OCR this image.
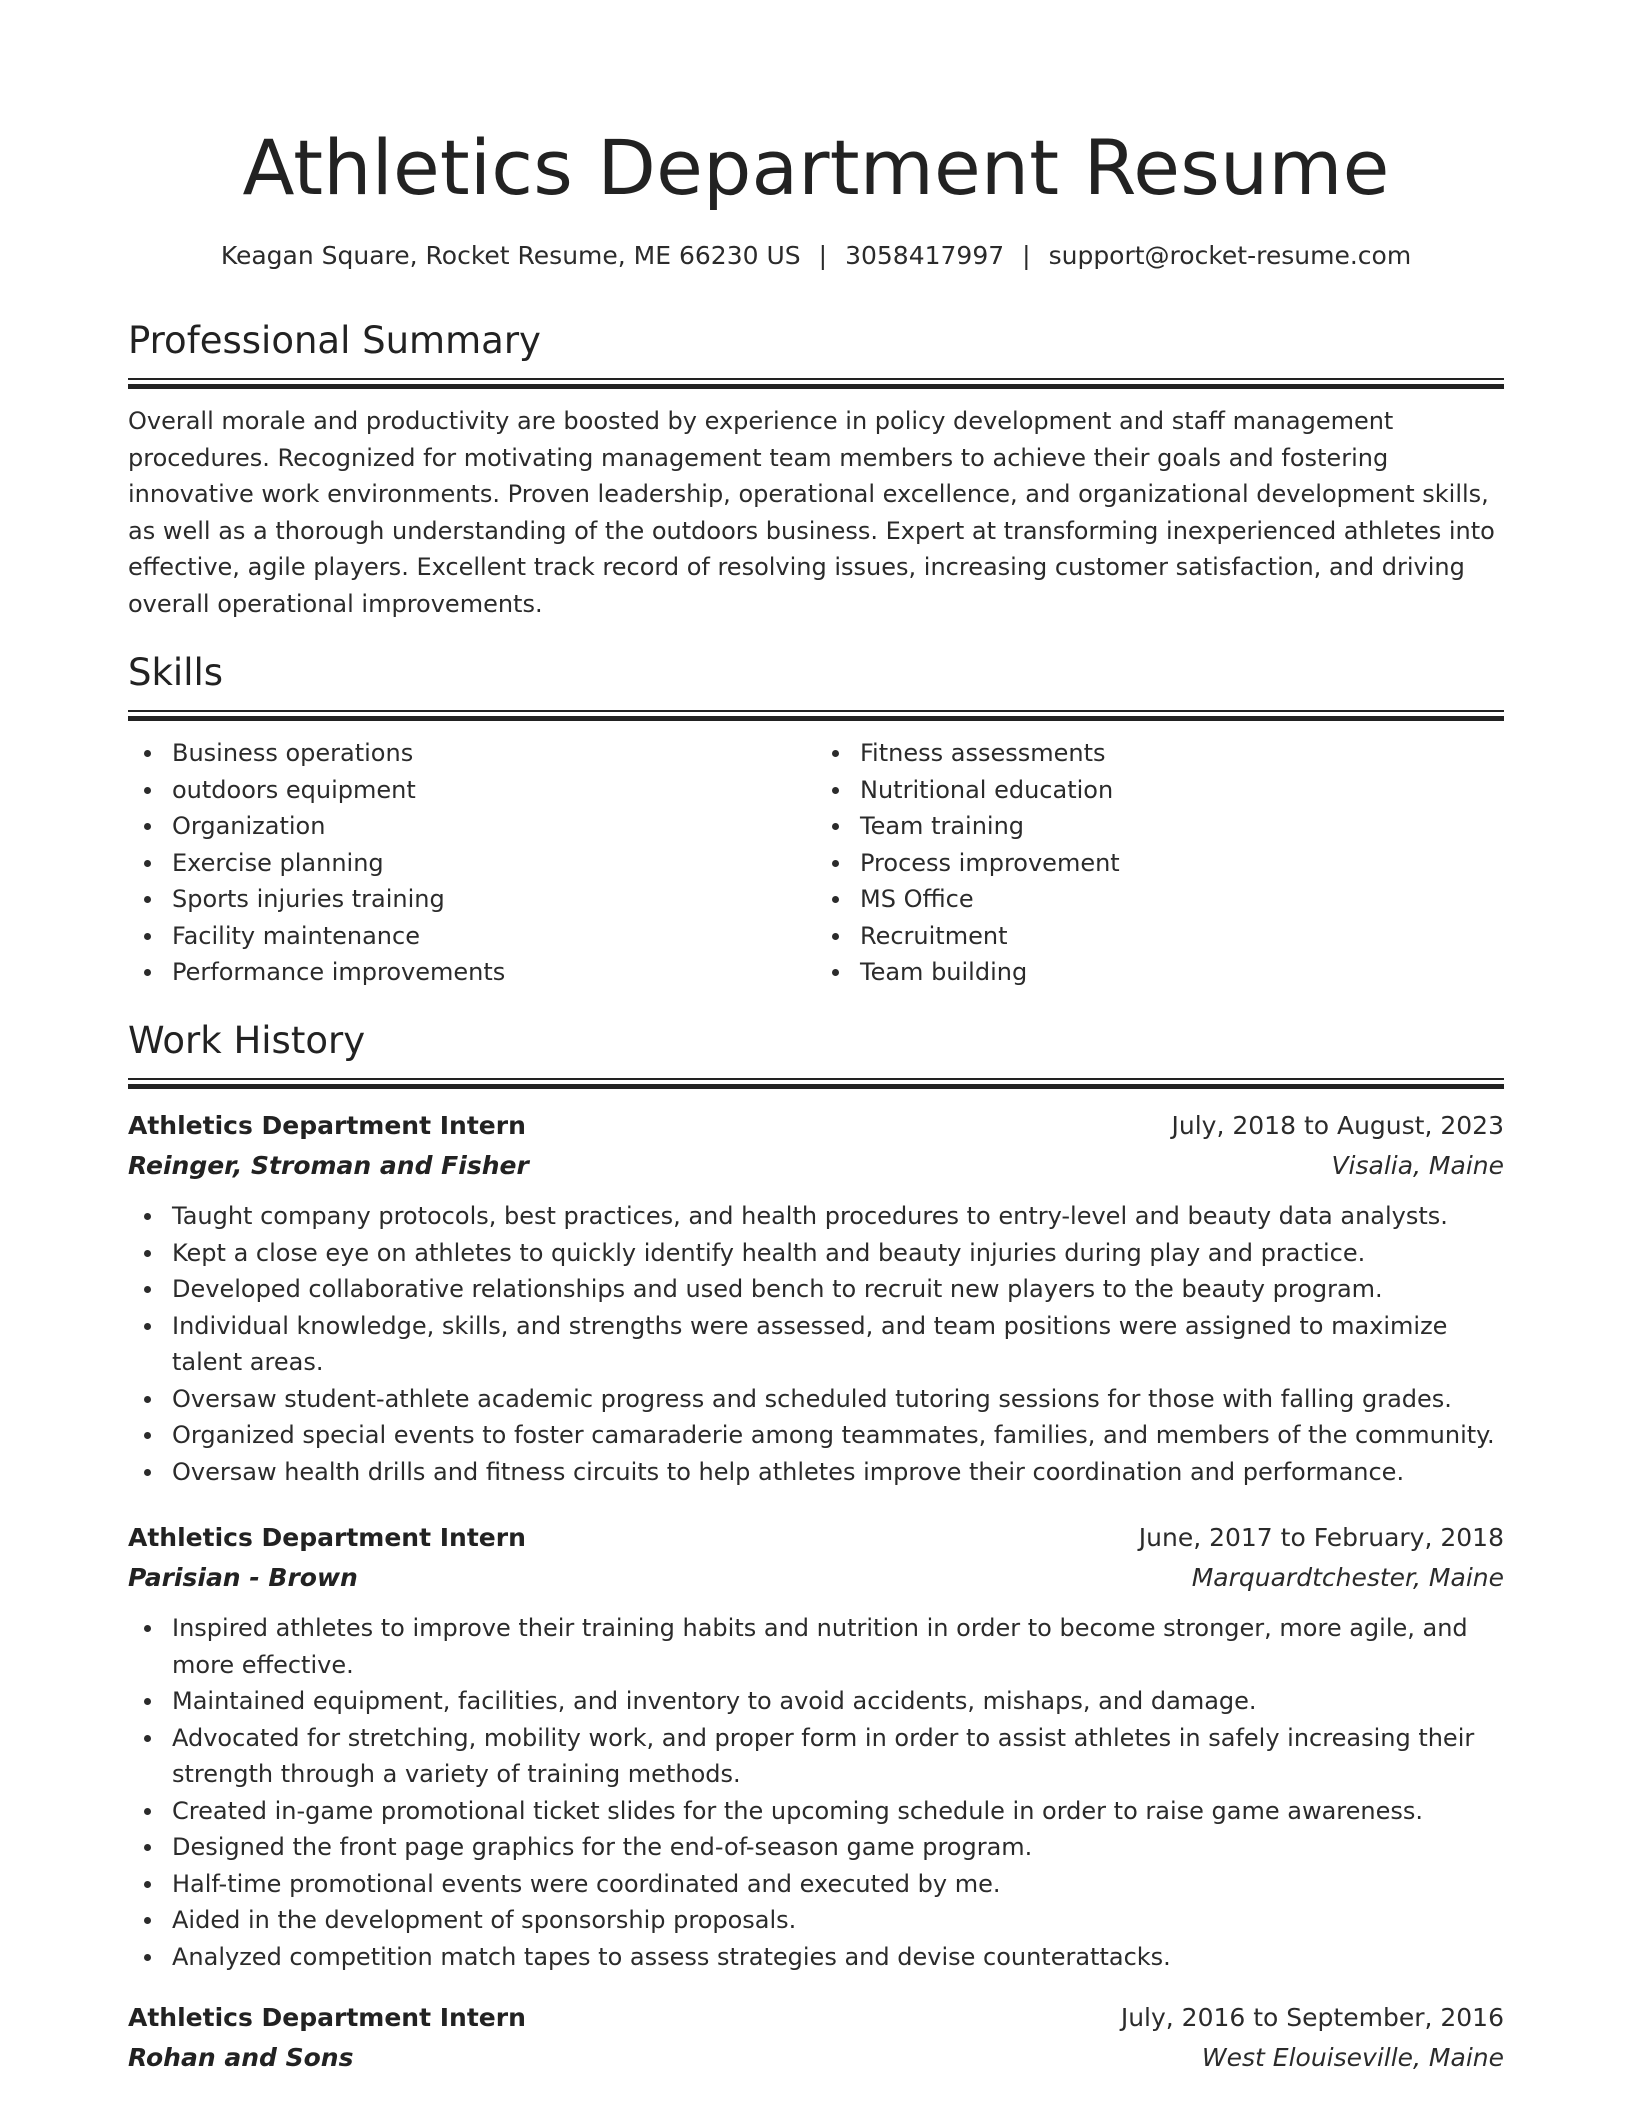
Athletics Department Resume
Keagan Square, Rocket Resume, ME 66230 US | 3058417997 | support@rocket-resume.com
Professional Summary
Overall morale and productivity are boosted by experience in policy development and staff management procedures. Recognized for motivating management team members to achieve their goals and fostering innovative work environments. Proven leadership, operational excellence, and organizational development skills, as well as a thorough understanding of the outdoors business. Expert at transforming inexperienced athletes into effective, agile players. Excellent track record of resolving issues, increasing customer satisfaction, and driving overall operational improvements.
Skills
Business operations
outdoors equipment
Organization
Exercise planning
Sports injuries training
Facility maintenance
Performance improvements
Fitness assessments
Nutritional education
Team training
Process improvement
MS Office
Recruitment
Team building
Work History
Athletics Department Intern	July, 2018 to August, 2023
Reinger, Stroman and Fisher	Visalia, Maine
Taught company protocols, best practices, and health procedures to entry-level and beauty data analysts.
Kept a close eye on athletes to quickly identify health and beauty injuries during play and practice.
Developed collaborative relationships and used bench to recruit new players to the beauty program.
Individual knowledge, skills, and strengths were assessed, and team positions were assigned to maximize talent areas.
Oversaw student-athlete academic progress and scheduled tutoring sessions for those with falling grades.
Organized special events to foster camaraderie among teammates, families, and members of the community.
Oversaw health drills and fitness circuits to help athletes improve their coordination and performance.
Athletics Department Intern	June, 2017 to February, 2018
Parisian - Brown	Marquardtchester, Maine
Inspired athletes to improve their training habits and nutrition in order to become stronger, more agile, and more effective.
Maintained equipment, facilities, and inventory to avoid accidents, mishaps, and damage.
Advocated for stretching, mobility work, and proper form in order to assist athletes in safely increasing their strength through a variety of training methods.
Created in-game promotional ticket slides for the upcoming schedule in order to raise game awareness.
Designed the front page graphics for the end-of-season game program.
Half-time promotional events were coordinated and executed by me.
Aided in the development of sponsorship proposals.
Analyzed competition match tapes to assess strategies and devise counterattacks.
Athletics Department Intern	July, 2016 to September, 2016
Rohan and Sons	West Elouiseville, Maine
